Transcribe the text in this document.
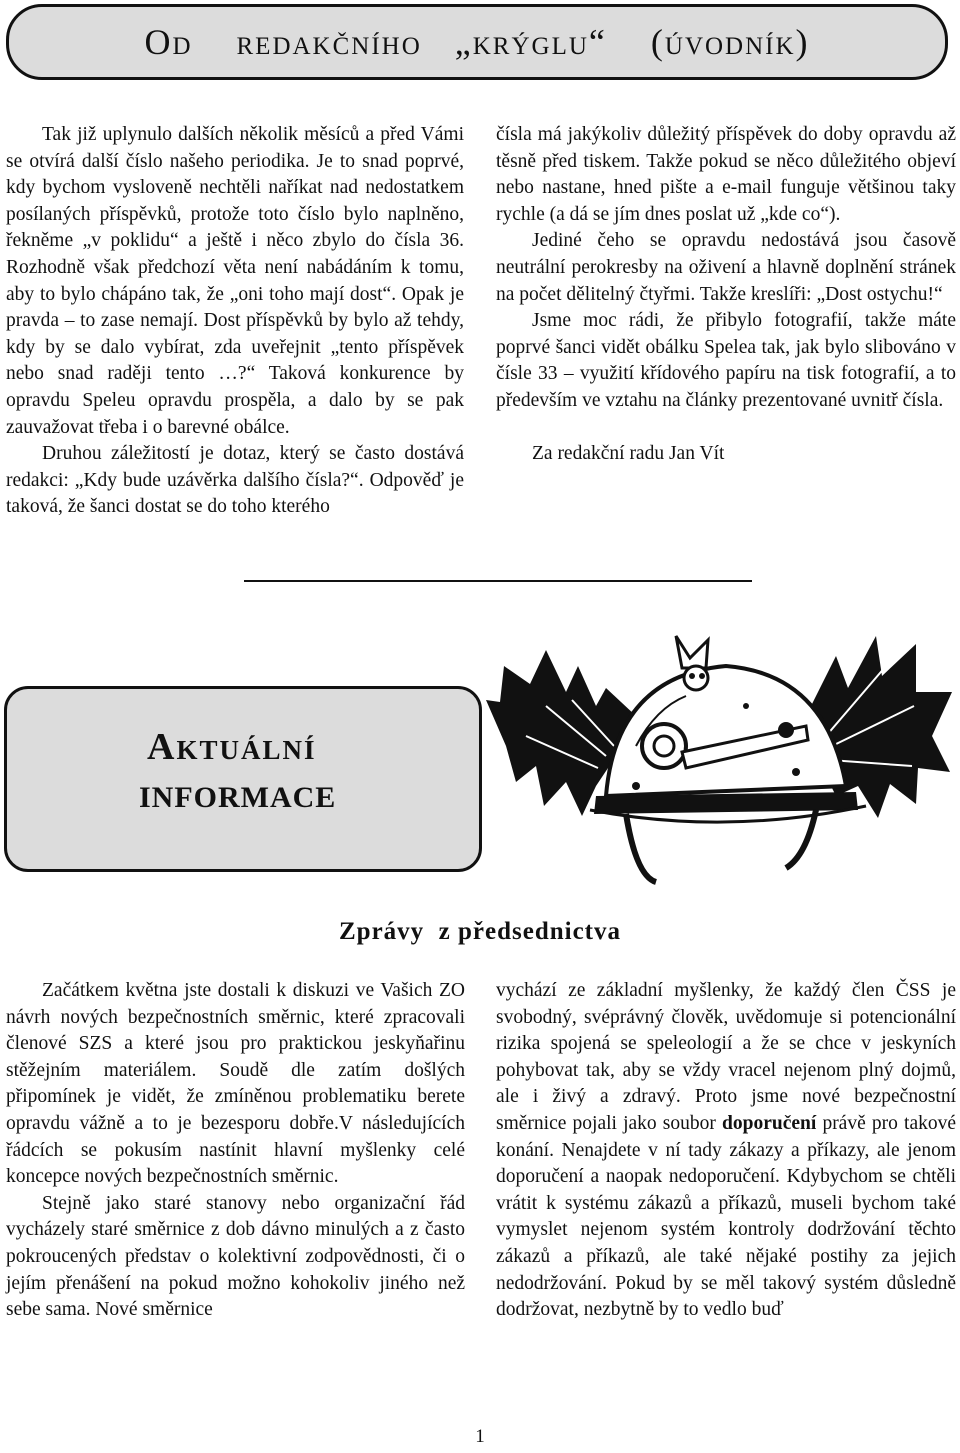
Od    redakčního   „krýglu“    (úvodník)

Tak již uplynulo dalších několik měsíců a před Vámi se otvírá další číslo našeho periodika. Je to snad poprvé, kdy bychom vysloveně nechtěli naříkat nad nedostatkem posílaných příspěvků, protože toto číslo bylo naplněno, řekněme „v poklidu“ a ještě i něco zbylo do čísla 36. Rozhodně však předchozí věta není nabádáním k tomu, aby to bylo chápáno tak, že „oni toho mají dost“. Opak je pravda – to zase nemají. Dost příspěvků by bylo až tehdy, kdy by se dalo vybírat, zda uveřejnit „tento příspěvek nebo snad raději tento …?“ Taková konkurence by opravdu Speleu opravdu prospěla, a dalo by se pak zauvažovat třeba i o barevné obálce.

Druhou záležitostí je dotaz, který se často dostává redakci: „Kdy bude uzávěrka dalšího čísla?“. Odpověď je taková, že šanci dostat se do toho kterého

čísla má jakýkoliv důležitý příspěvek do doby opravdu až těsně před tiskem. Takže pokud se něco důležitého objeví nebo nastane, hned pište a e-mail funguje většinou taky rychle (a dá se jím dnes poslat už „kde co“).

Jediné čeho se opravdu nedostává jsou časově neutrální perokresby na oživení a hlavně doplnění stránek na počet dělitelný čtyřmi. Takže kreslíři: „Dost ostychu!“

Jsme moc rádi, že přibylo fotografií, takže máte poprvé šanci vidět obálku Spelea tak, jak bylo slibováno v čísle 33 – využití křídového papíru na tisk fotografií, a to především ve vztahu na články prezentované uvnitř čísla.

Za redakční radu Jan Vít

Aktuální
INFORMACE
Zprávy  z předsednictva

Začátkem května jste dostali k diskuzi ve Vašich ZO návrh nových bezpečnostních směrnic, které zpracovali členové SZS a které jsou pro praktickou jeskyňařinu stěžejním materiálem. Soudě dle zatím došlých připomínek je vidět, že zmíněnou problematiku berete opravdu vážně a to je bezesporu dobře.V následujících řádcích se pokusím nastínit hlavní myšlenky celé koncepce nových bezpečnostních směrnic.

Stejně jako staré stanovy nebo organizační řád vycházely staré směrnice z dob dávno minulých a z často pokroucených představ o kolektivní zodpovědnosti, či o jejím přenášení na pokud možno kohokoliv jiného než sebe sama. Nové směrnice

vychází ze základní myšlenky, že každý člen ČSS je svobodný, svéprávný člověk, uvědomuje si potencionální rizika spojená se speleologií a že se chce v jeskyních pohybovat tak, aby se vždy vracel nejenom plný dojmů, ale i živý a zdravý. Proto jsme nové bezpečnostní směrnice pojali jako soubor doporučení právě pro takové konání. Nenajdete v ní tady zákazy a příkazy, ale jenom doporučení a naopak nedoporučení. Kdybychom se chtěli vrátit k systému zákazů a příkazů, museli bychom také vymyslet nejenom systém kontroly dodržování těchto zákazů a příkazů, ale také nějaké postihy za jejich nedodržování. Pokud by se měl takový systém důsledně dodržovat, nezbytně by to vedlo buď

1
